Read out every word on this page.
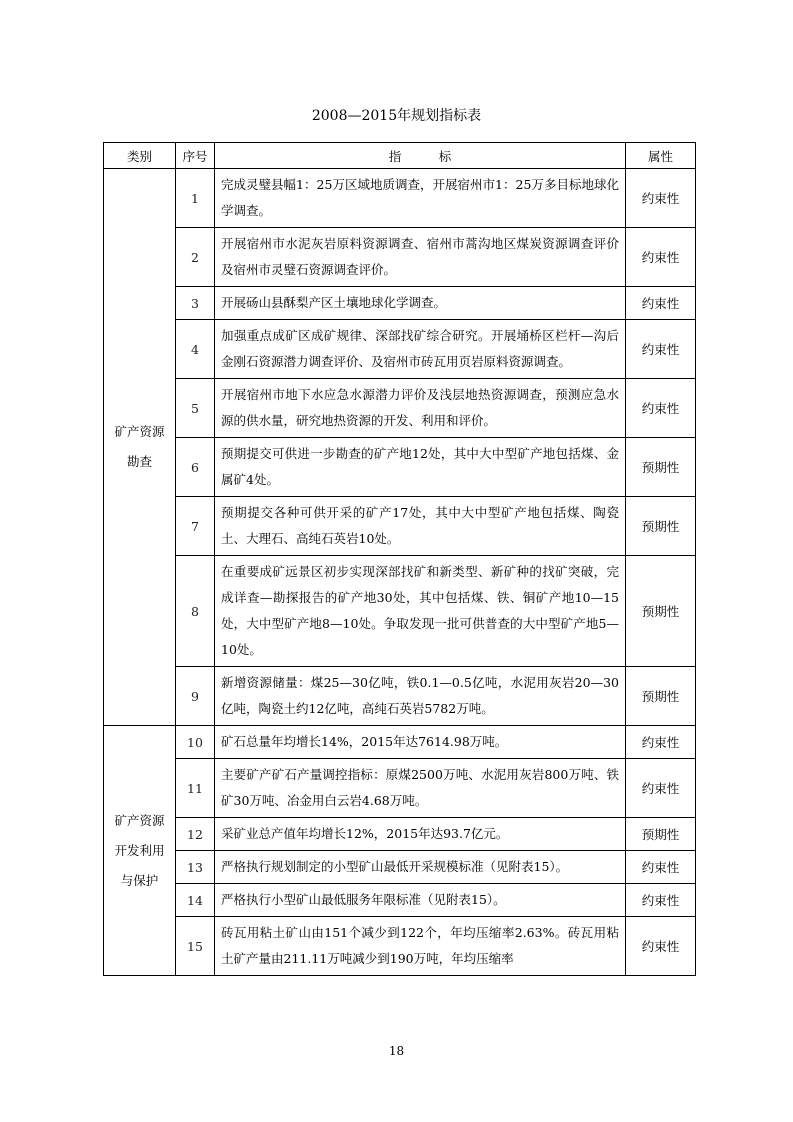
2008—2015年规划指标表
类别	序号	指　　　标	属性

矿产资源
勘查	1	完成灵璧县幅1：25万区域地质调查，开展宿州市1：25万多目标地球化学调查。	约束性
	2	开展宿州市水泥灰岩原料资源调查、宿州市蒿沟地区煤炭资源调查评价及宿州市灵璧石资源调查评价。	约束性
	3	开展砀山县酥梨产区土壤地球化学调查。	约束性
	4	加强重点成矿区成矿规律、深部找矿综合研究。开展埇桥区栏杆—沟后金刚石资源潜力调查评价、及宿州市砖瓦用页岩原料资源调查。	约束性
	5	开展宿州市地下水应急水源潜力评价及浅层地热资源调查，预测应急水源的供水量，研究地热资源的开发、利用和评价。	约束性
	6	预期提交可供进一步勘查的矿产地12处，其中大中型矿产地包括煤、金属矿4处。	预期性
	7	预期提交各种可供开采的矿产17处，其中大中型矿产地包括煤、陶瓷土、大理石、高纯石英岩10处。	预期性
	8	在重要成矿远景区初步实现深部找矿和新类型、新矿种的找矿突破，完成详查—勘探报告的矿产地30处，其中包括煤、铁、铜矿产地10—15处，大中型矿产地8—10处。争取发现一批可供普查的大中型矿产地5—10处。	预期性
	9	新增资源储量：煤25—30亿吨，铁0.1—0.5亿吨，水泥用灰岩20—30亿吨，陶瓷土约12亿吨，高纯石英岩5782万吨。	预期性

矿产资源
开发利用
与保护	10	矿石总量年均增长14%，2015年达7614.98万吨。	约束性
	11	主要矿产矿石产量调控指标：原煤2500万吨、水泥用灰岩800万吨、铁矿30万吨、冶金用白云岩4.68万吨。	约束性
	12	采矿业总产值年均增长12%，2015年达93.7亿元。	预期性
	13	严格执行规划制定的小型矿山最低开采规模标准（见附表15）。	约束性
	14	严格执行小型矿山最低服务年限标准（见附表15）。	约束性
	15	砖瓦用粘土矿山由151个减少到122个，年均压缩率2.63%。砖瓦用粘土矿产量由211.11万吨减少到190万吨，年均压缩率	约束性
18
